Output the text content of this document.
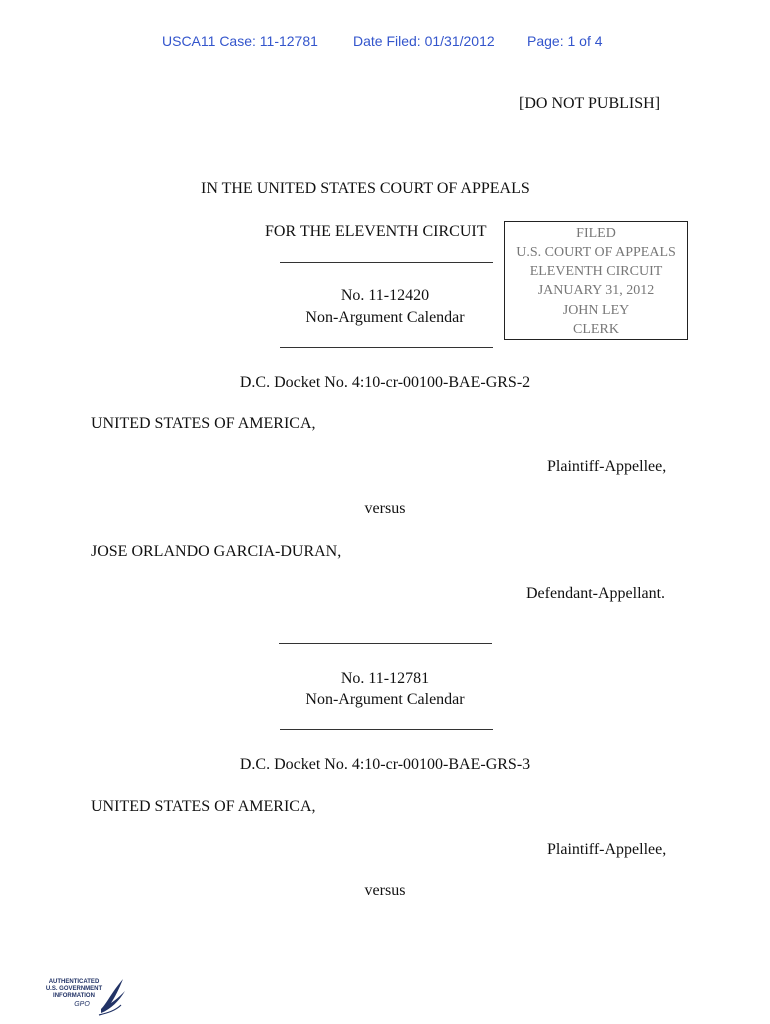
USCA11 Case: 11-12781	Date Filed: 01/31/2012 Page: 1 of 4
[DO NOT PUBLISH]
IN THE UNITED STATES COURT OF APPEALS
FOR THE ELEVENTH CIRCUIT
No. 11-12420
Non-Argument Calendar
FILED
U.S. COURT OF APPEALS
ELEVENTH CIRCUIT
JANUARY 31, 2012
JOHN LEY
CLERK
D.C. Docket No. 4:10-cr-00100-BAE-GRS-2
UNITED STATES OF AMERICA,
Plaintiff-Appellee,
versus
JOSE ORLANDO GARCIA-DURAN,
Defendant-Appellant.
No. 11-12781
Non-Argument Calendar
D.C. Docket No. 4:10-cr-00100-BAE-GRS-3
UNITED STATES OF AMERICA,
Plaintiff-Appellee,
versus
AUTHENTICATED
U.S. GOVERNMENT
INFORMATION
GPO
